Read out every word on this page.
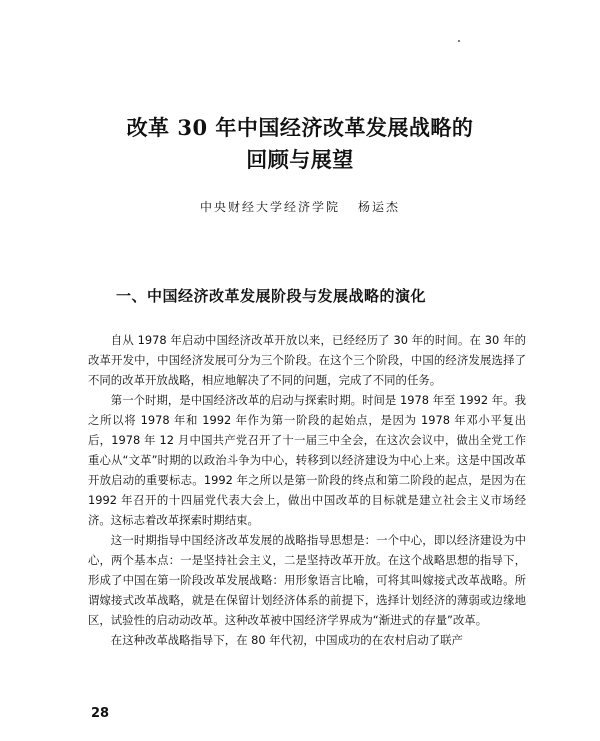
改革 30 年中国经济改革发展战略的
回顾与展望
中央财经大学经济学院 杨运杰
一、中国经济改革发展阶段与发展战略的演化

自从 1978 年启动中国经济改革开放以来，已经经历了 30 年的时间。在 30 年的改革开发中，中国经济发展可分为三个阶段。在这个三个阶段，中国的经济发展选择了不同的改革开放战略，相应地解决了不同的问题，完成了不同的任务。

第一个时期，是中国经济改革的启动与探索时期。时间是 1978 年至 1992 年。我之所以将 1978 年和 1992 年作为第一阶段的起始点，是因为 1978 年邓小平复出后，1978 年 12 月中国共产党召开了十一届三中全会，在这次会议中，做出全党工作重心从“文革”时期的以政治斗争为中心，转移到以经济建设为中心上来。这是中国改革开放启动的重要标志。1992 年之所以是第一阶段的终点和第二阶段的起点，是因为在 1992 年召开的十四届党代表大会上，做出中国改革的目标就是建立社会主义市场经济。这标志着改革探索时期结束。

这一时期指导中国经济改革发展的战略指导思想是：一个中心，即以经济建设为中心，两个基本点：一是坚持社会主义，二是坚持改革开放。在这个战略思想的指导下，形成了中国在第一阶段改革发展战略：用形象语言比喻，可将其叫嫁接式改革战略。所谓嫁接式改革战略，就是在保留计划经济体系的前提下，选择计划经济的薄弱或边缘地区，试验性的启动动改革。这种改革被中国经济学界成为“渐进式的存量”改革。

在这种改革战略指导下，在 80 年代初，中国成功的在农村启动了联产

28
